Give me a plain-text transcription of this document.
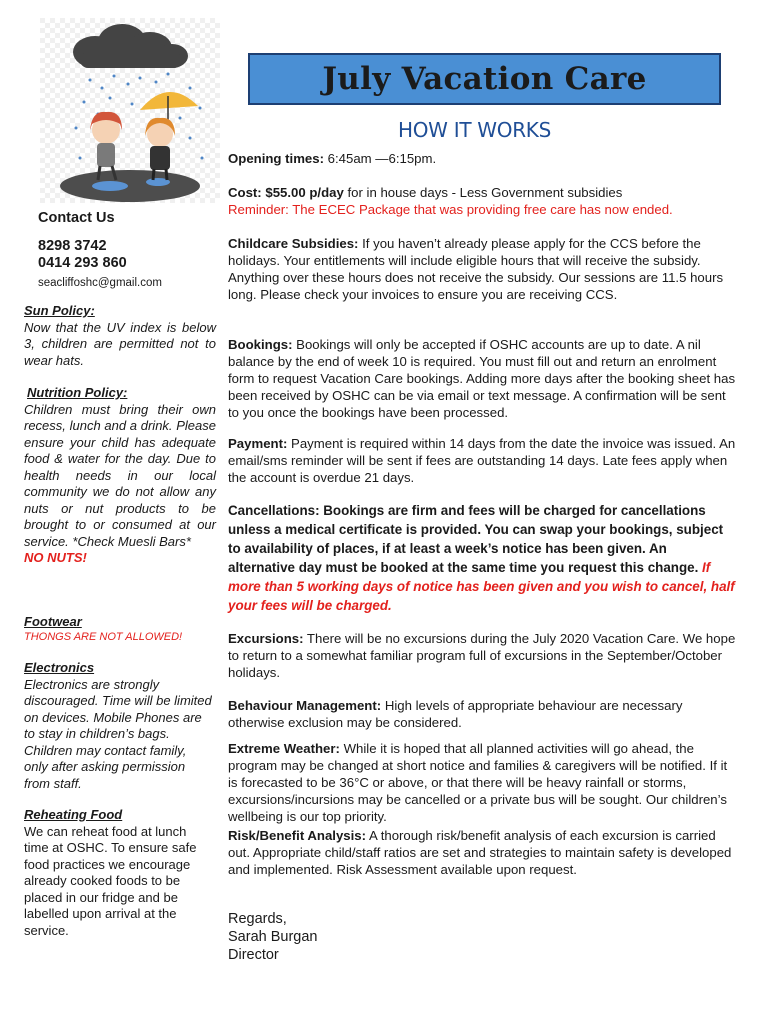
July Vacation Care
HOW IT WORKS

Contact Us

8298 3742

0414 293 860

seacliffoshc@gmail.com

Sun Policy:

Now that the UV index is below 3, children are permitted not to wear hats.

Nutrition Policy:

Children must bring their own recess, lunch and a drink. Please ensure your child has adequate food & water for the day. Due to health needs in our local community we do not allow any nuts or nut products to be brought to or consumed at our service. *Check Muesli Bars*

NO NUTS!

Footwear

THONGS ARE NOT ALLOWED!

Electronics

Electronics are strongly discouraged. Time will be limited on devices. Mobile Phones are to stay in children’s bags. Children may contact family, only after asking permission from staff.

Reheating Food

We can reheat food at lunch time at OSHC. To ensure safe food practices we encourage already cooked foods to be placed in our fridge and be labelled upon arrival at the service.

Opening times: 6:45am —6:15pm.

Cost: $55.00 p/day for in house days - Less Government subsidies

Reminder: The ECEC Package that was providing free care has now ended.

Childcare Subsidies: If you haven’t already please apply for the CCS before the holidays. Your entitlements will include eligible hours that will receive the subsidy. Anything over these hours does not receive the subsidy. Our sessions are 11.5 hours long. Please check your invoices to ensure you are receiving CCS.

Bookings: Bookings will only be accepted if OSHC accounts are up to date. A nil balance by the end of week 10 is required. You must fill out and return an enrolment form to request Vacation Care bookings. Adding more days after the booking sheet has been received by OSHC can be via email or text message. A confirmation will be sent to you once the bookings have been processed.

Payment: Payment is required within 14 days from the date the invoice was issued. An email/sms reminder will be sent if fees are outstanding 14 days. Late fees apply when the account is overdue 21 days.

Cancellations: Bookings are firm and fees will be charged for cancellations unless a medical certificate is provided. You can swap your bookings, subject to availability of places, if at least a week’s notice has been given. An alternative day must be booked at the same time you request this change. If more than 5 working days of notice has been given and you wish to cancel, half your fees will be charged.

Excursions: There will be no excursions during the July 2020 Vacation Care. We hope to return to a somewhat familiar program full of excursions in the September/October holidays.

Behaviour Management: High levels of appropriate behaviour are necessary otherwise exclusion may be considered.

Extreme Weather: While it is hoped that all planned activities will go ahead, the program may be changed at short notice and families & caregivers will be notified. If it is forecasted to be 36°C or above, or that there will be heavy rainfall or storms, excursions/incursions may be cancelled or a private bus will be sought. Our children’s wellbeing is our top priority.

Risk/Benefit Analysis: A thorough risk/benefit analysis of each excursion is carried out. Appropriate child/staff ratios are set and strategies to maintain safety is developed and implemented. Risk Assessment available upon request.

Regards,

Sarah Burgan

Director
